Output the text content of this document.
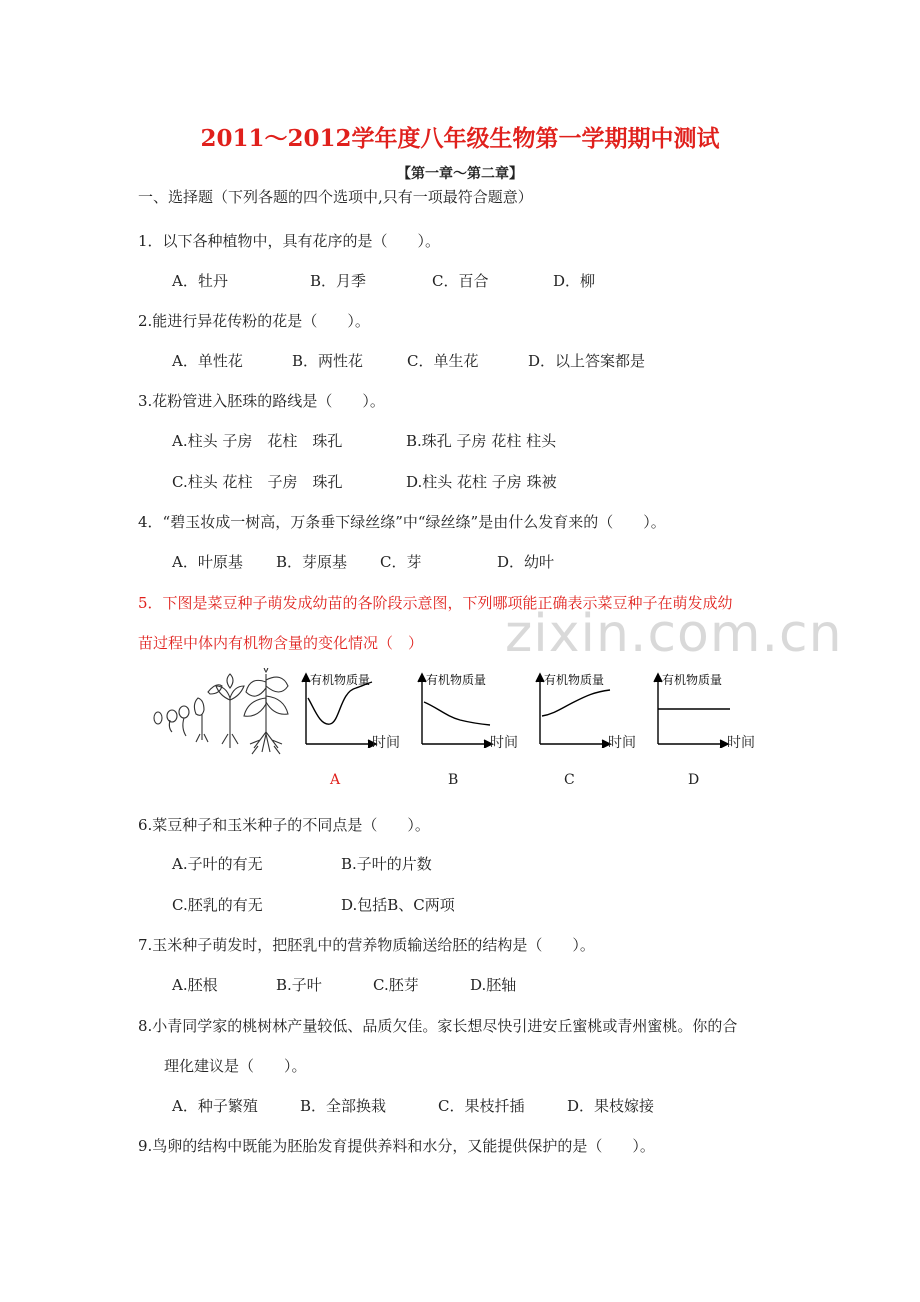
2011～2012学年度八年级生物第一学期期中测试
【第一章～第二章】
一、选择题（下列各题的四个选项中,只有一项最符合题意）
1．以下各种植物中，具有花序的是（　　）。
A．牡丹	B．月季	C．百合	D．柳
2.能进行异花传粉的花是（　　）。
A．单性花	B．两性花	C．单生花	D．以上答案都是
3.花粉管进入胚珠的路线是（　　）。
A.柱头 子房　花柱　珠孔	B.珠孔 子房 花柱 柱头
C.柱头 花柱　子房　珠孔	D.柱头 花柱 子房 珠被
4．“碧玉妆成一树高，万条垂下绿丝绦”中“绿丝绦”是由什么发育来的（　　）。
A．叶原基 B．芽原基 C．芽	D．幼叶
5．下图是菜豆种子萌发成幼苗的各阶段示意图，下列哪项能正确表示菜豆种子在萌发成幼
苗过程中体内有机物含量的变化情况（　） zixin.com.cn
有机物质量
时间
有机物质量
时间
有机物质量
时间
有机物质量
时间
A	B	C	D
6.菜豆种子和玉米种子的不同点是（　　）。
A.子叶的有无	B.子叶的片数
C.胚乳的有无	D.包括B、C两项
7.玉米种子萌发时，把胚乳中的营养物质输送给胚的结构是（　　）。
A.胚根	B.子叶	C.胚芽	D.胚轴
8.小青同学家的桃树林产量较低、品质欠佳。家长想尽快引进安丘蜜桃或青州蜜桃。你的合
理化建议是（　　）。
A．种子繁殖	B．全部换栽	C．果枝扦插	D．果枝嫁接
9.鸟卵的结构中既能为胚胎发育提供养料和水分，又能提供保护的是（　　）。
